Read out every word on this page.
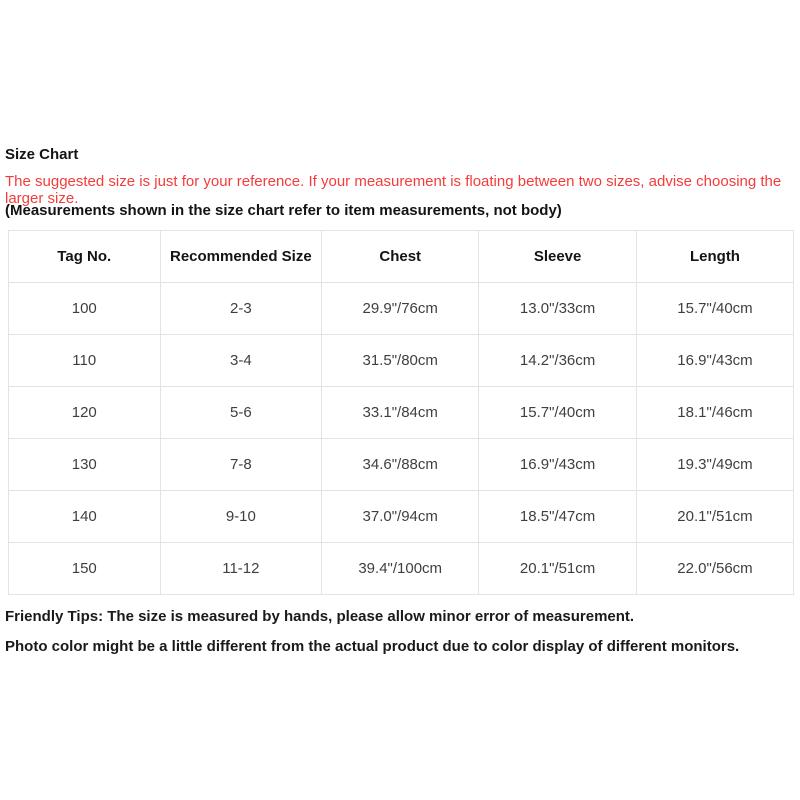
Size Chart
The suggested size is just for your reference. If your measurement is floating between two sizes, advise choosing the larger size.
(Measurements shown in the size chart refer to item measurements, not body)
Tag No.	Recommended Size	Chest	Sleeve	Length
100	2-3	29.9"/76cm	13.0"/33cm	15.7"/40cm
110	3-4	31.5"/80cm	14.2"/36cm	16.9"/43cm
120	5-6	33.1"/84cm	15.7"/40cm	18.1"/46cm
130	7-8	34.6"/88cm	16.9"/43cm	19.3"/49cm
140	9-10	37.0"/94cm	18.5"/47cm	20.1"/51cm
150	11-12	39.4"/100cm	20.1"/51cm	22.0"/56cm
Friendly Tips: The size is measured by hands, please allow minor error of measurement.
Photo color might be a little different from the actual product due to color display of different monitors.
